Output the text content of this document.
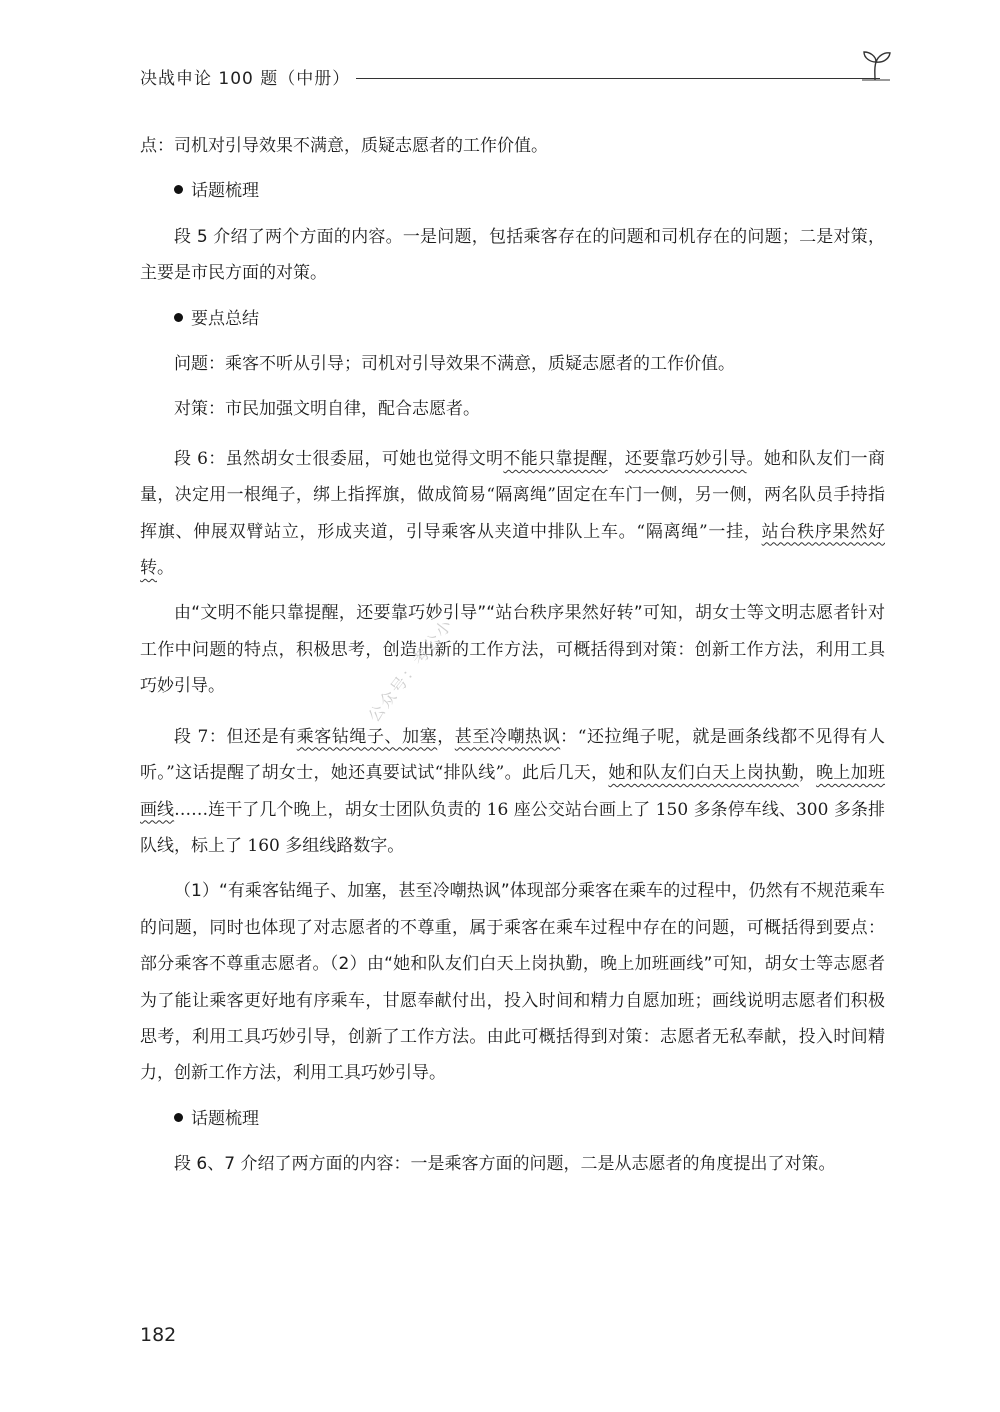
决战申论 100 题（中册）

点：司机对引导效果不满意，质疑志愿者的工作价值。

话题梳理

段 5 介绍了两个方面的内容。一是问题，包括乘客存在的问题和司机存在的问题；二是对策，主要是市民方面的对策。

要点总结

问题：乘客不听从引导；司机对引导效果不满意，质疑志愿者的工作价值。

对策：市民加强文明自律，配合志愿者。

段 6：虽然胡女士很委屈，可她也觉得文明不能只靠提醒，还要靠巧妙引导。她和队友们一商量，决定用一根绳子，绑上指挥旗，做成简易“隔离绳”固定在车门一侧，另一侧，两名队员手持指挥旗、伸展双臂站立，形成夹道，引导乘客从夹道中排队上车。“隔离绳”一挂，站台秩序果然好转。

由“文明不能只靠提醒，还要靠巧妙引导”“站台秩序果然好转”可知，胡女士等文明志愿者针对工作中问题的特点，积极思考，创造出新的工作方法，可概括得到对策：创新工作方法，利用工具巧妙引导。

段 7：但还是有乘客钻绳子、加塞，甚至冷嘲热讽：“还拉绳子呢，就是画条线都不见得有人听。”这话提醒了胡女士，她还真要试试“排队线”。此后几天，她和队友们白天上岗执勤，晚上加班画线……连干了几个晚上，胡女士团队负责的 16 座公交站台画上了 150 多条停车线、300 多条排队线，标上了 160 多组线路数字。

（1）“有乘客钻绳子、加塞，甚至冷嘲热讽”体现部分乘客在乘车的过程中，仍然有不规范乘车的问题，同时也体现了对志愿者的不尊重，属于乘客在乘车过程中存在的问题，可概括得到要点：部分乘客不尊重志愿者。（2）由“她和队友们白天上岗执勤，晚上加班画线”可知，胡女士等志愿者为了能让乘客更好地有序乘车，甘愿奉献付出，投入时间和精力自愿加班；画线说明志愿者们积极思考，利用工具巧妙引导，创新了工作方法。由此可概括得到对策：志愿者无私奉献，投入时间精力，创新工作方法，利用工具巧妙引导。

话题梳理

段 6、7 介绍了两方面的内容：一是乘客方面的问题，二是从志愿者的角度提出了对策。

公众号：考公小
182
